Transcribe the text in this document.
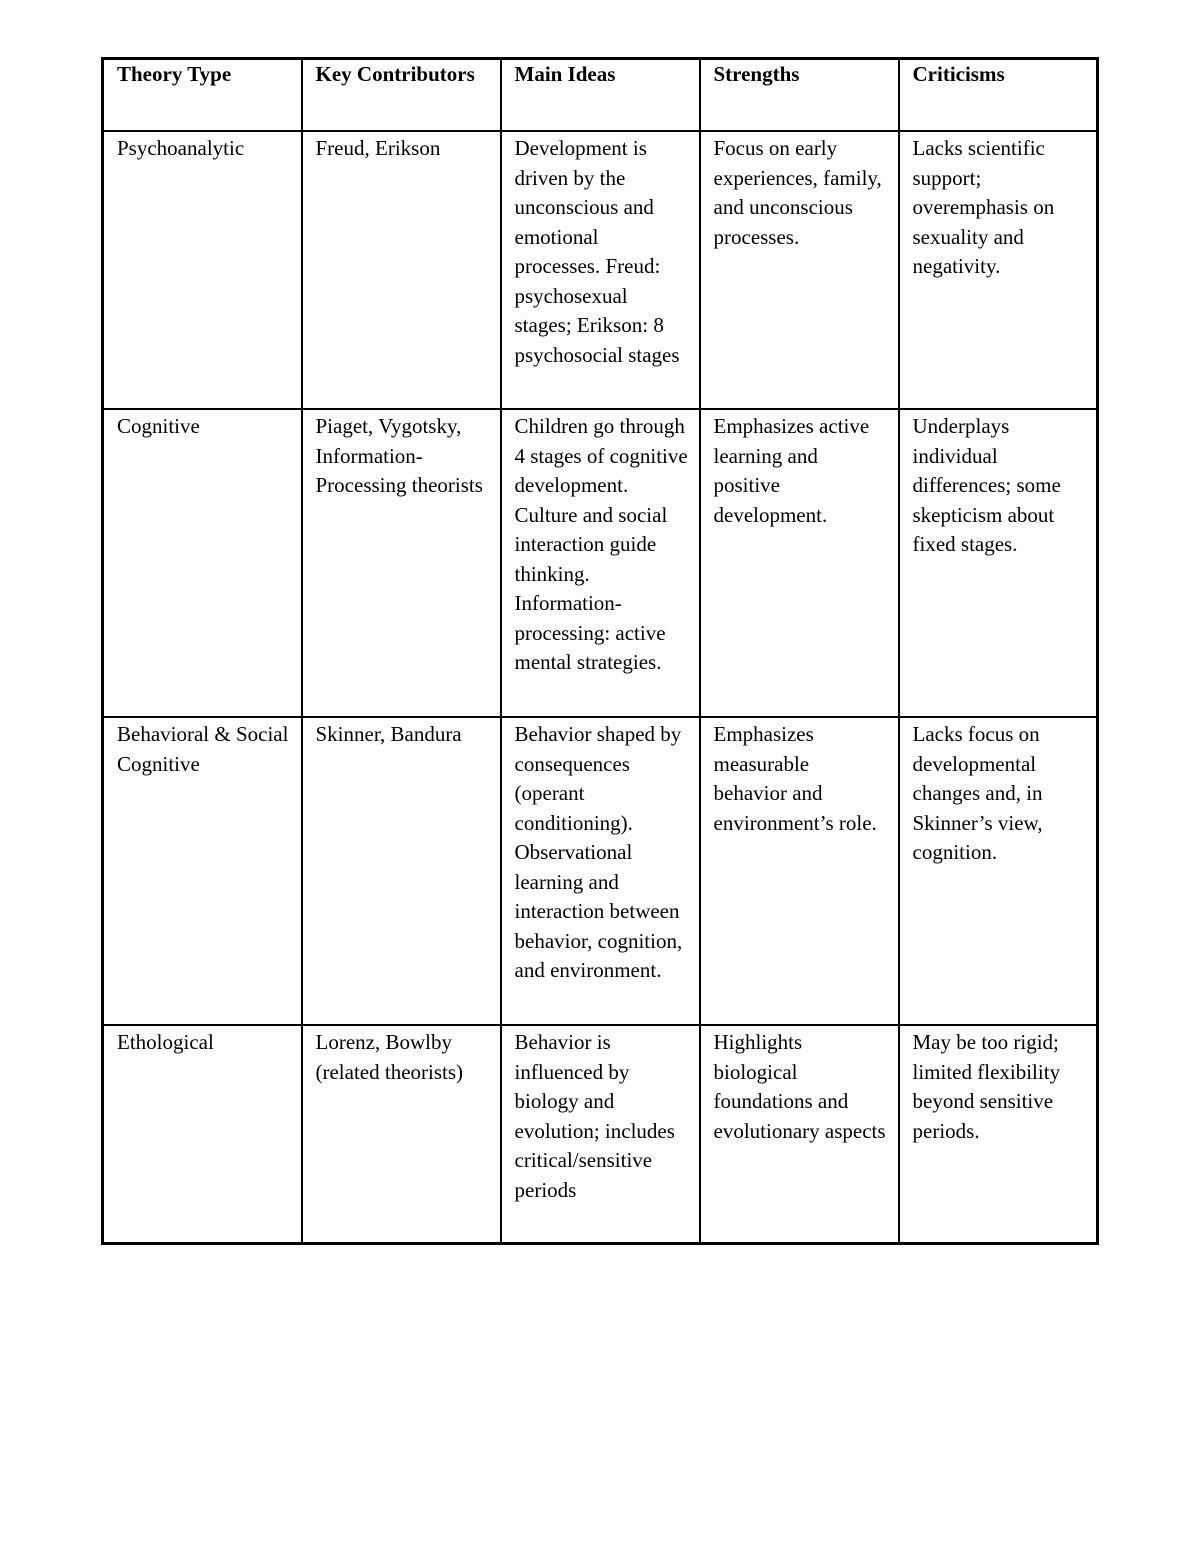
Theory Type	Key Contributors	Main Ideas	Strengths	Criticisms
Psychoanalytic	Freud, Erikson	Development is driven by the unconscious and emotional processes. Freud: psychosexual stages; Erikson: 8 psychosocial stages	Focus on early experiences, family, and unconscious processes.	Lacks scientific support; overemphasis on sexuality and negativity.
Cognitive	Piaget, Vygotsky, Information-Processing theorists	Children go through 4 stages of cognitive development. Culture and social interaction guide thinking. Information-processing: active mental strategies.	Emphasizes active learning and positive development.	Underplays individual differences; some skepticism about fixed stages.
Behavioral & Social Cognitive	Skinner, Bandura	Behavior shaped by consequences (operant conditioning). Observational learning and interaction between behavior, cognition, and environment.	Emphasizes measurable behavior and environment’s role.	Lacks focus on developmental changes and, in Skinner’s view, cognition.
Ethological	Lorenz, Bowlby (related theorists)	Behavior is influenced by biology and evolution; includes critical/sensitive periods	Highlights biological foundations and evolutionary aspects	May be too rigid; limited flexibility beyond sensitive periods.
